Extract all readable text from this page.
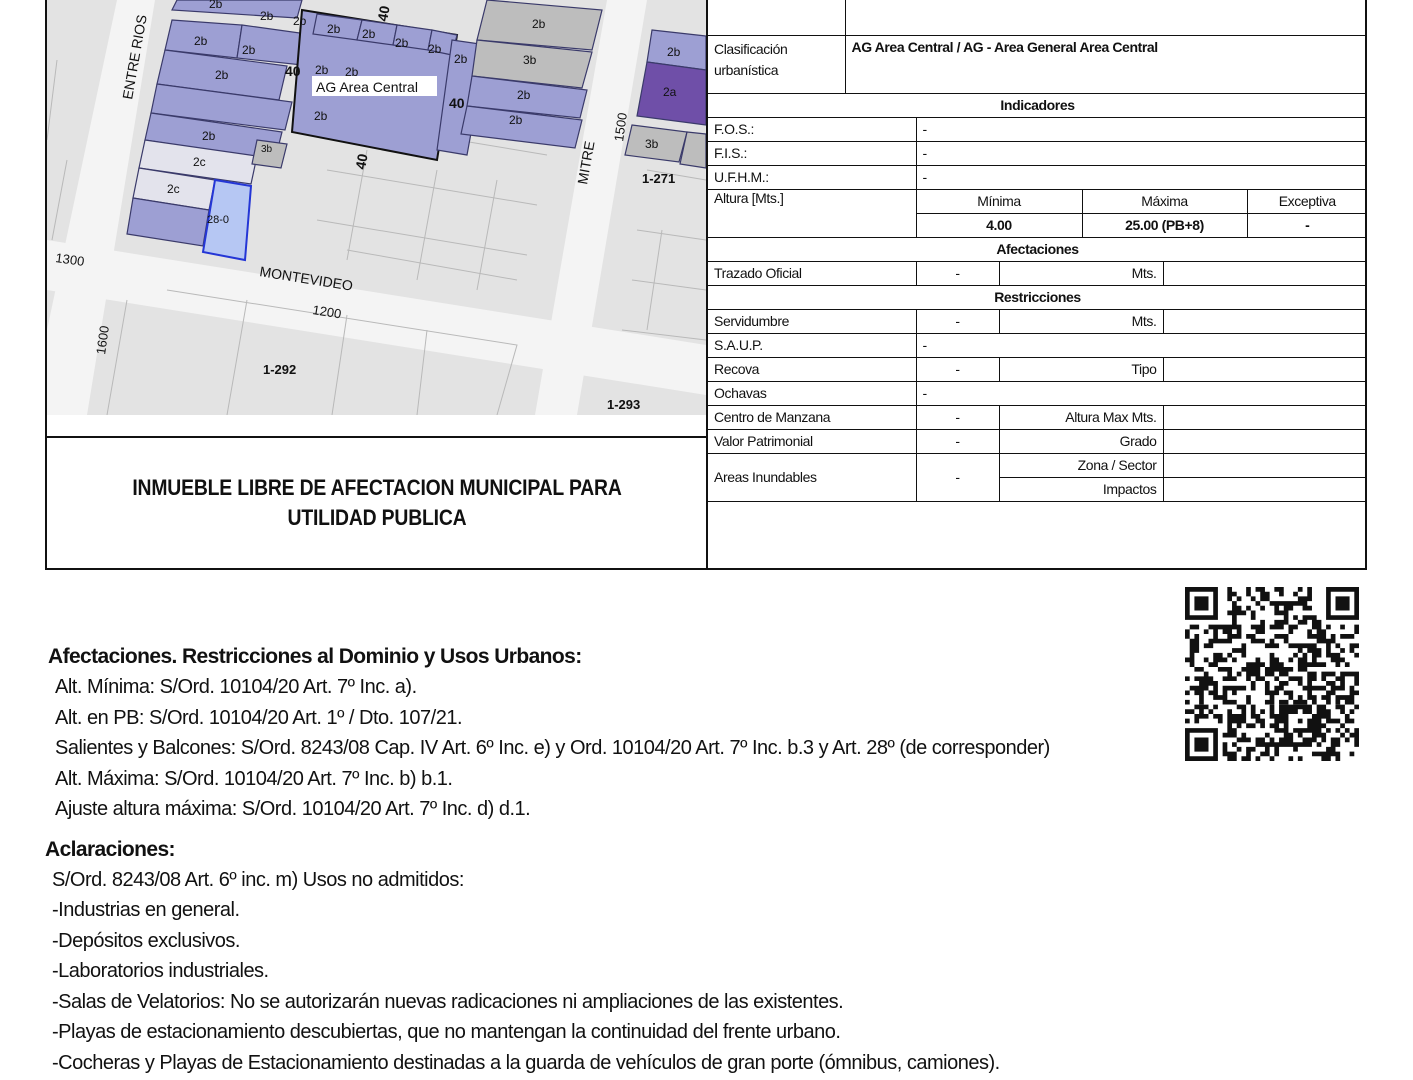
ENTRE RIOS
MONTEVIDEO
MITRE
1300
1200
1600
1500
40
40
40
40
AG Area Central
1-271
1-292
1-293
2b
2b 2b
2b
2b
2b
2b
2b 2b
2b 2b
2b
2b 2b
2b
2b
2b
2b
2b
2c
2c
3b
3b
3b
2a
28-0
INMUEBLE LIBRE DE AFECTACION MUNICIPAL PARA UTILIDAD PUBLICA

Clasificación urbanística	AG Area Central / AG - Area General Area Central					
Indicadores						
F.O.S.:		-				
F.I.S.:		-				
U.F.H.M.:		-				
Altura [Mts.]		Mínima		Máxima		Exceptiva
		4.00		25.00 (PB+8)		-
Afectaciones						
Trazado Oficial		-	Mts.			
Restricciones						
Servidumbre		-	Mts.			
S.A.U.P.		-				
Recova		-	Tipo			
Ochavas		-				
Centro de Manzana		-	Altura Max Mts.			
Valor Patrimonial		-	Grado			
Areas Inundables		-	Zona / Sector			
			Impactos			
Afectaciones. Restricciones al Dominio y Usos Urbanos:
Alt. Mínima: S/Ord. 10104/20 Art. 7º Inc. a).
Alt. en PB: S/Ord. 10104/20 Art. 1º / Dto. 107/21.
Salientes y Balcones: S/Ord. 8243/08 Cap. IV Art. 6º Inc. e) y Ord. 10104/20 Art. 7º Inc. b.3 y Art. 28º (de corresponder)
Alt. Máxima: S/Ord. 10104/20 Art. 7º Inc. b) b.1.
Ajuste altura máxima: S/Ord. 10104/20 Art. 7º Inc. d) d.1.
Aclaraciones:
S/Ord. 8243/08 Art. 6º inc. m) Usos no admitidos:
-Industrias en general.
-Depósitos exclusivos.
-Laboratorios industriales.
-Salas de Velatorios: No se autorizarán nuevas radicaciones ni ampliaciones de las existentes.
-Playas de estacionamiento descubiertas, que no mantengan la continuidad del frente urbano.
-Cocheras y Playas de Estacionamiento destinadas a la guarda de vehículos de gran porte (ómnibus, camiones).
